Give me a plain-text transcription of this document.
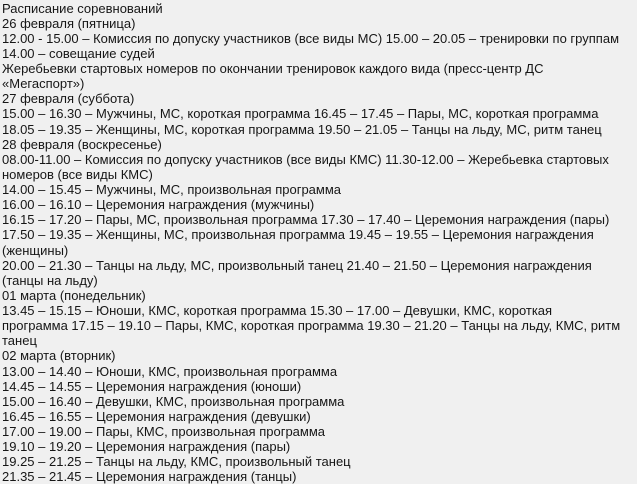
Расписание соревнований
26 февраля (пятница)
12.00 - 15.00 – Комиссия по допуску участников (все виды МС) 15.00 – 20.05 – тренировки по группам
14.00 – совещание судей
Жеребьевки стартовых номеров по окончании тренировок каждого вида (пресс-центр ДС
«Мегаспорт»)
27 февраля (суббота)
15.00 – 16.30 – Мужчины, МС, короткая программа 16.45 – 17.45 – Пары, МС, короткая программа
18.05 – 19.35 – Женщины, МС, короткая программа 19.50 – 21.05 – Танцы на льду, МС, ритм танец
28 февраля (воскресенье)
08.00-11.00 – Комиссия по допуску участников (все виды КМС) 11.30-12.00 – Жеребьевка стартовых
номеров (все виды КМС)
14.00 – 15.45 – Мужчины, МС, произвольная программа
16.00 – 16.10 – Церемония награждения (мужчины)
16.15 – 17.20 – Пары, МС, произвольная программа 17.30 – 17.40 – Церемония награждения (пары)
17.50 – 19.35 – Женщины, МС, произвольная программа 19.45 – 19.55 – Церемония награждения
(женщины)
20.00 – 21.30 – Танцы на льду, МС, произвольный танец 21.40 – 21.50 – Церемония награждения
(танцы на льду)
01 марта (понедельник)
13.45 – 15.15 – Юноши, КМС, короткая программа 15.30 – 17.00 – Девушки, КМС, короткая
программа 17.15 – 19.10 – Пары, КМС, короткая программа 19.30 – 21.20 – Танцы на льду, КМС, ритм
танец
02 марта (вторник)
13.00 – 14.40 – Юноши, КМС, произвольная программа
14.45 – 14.55 – Церемония награждения (юноши)
15.00 – 16.40 – Девушки, КМС, произвольная программа
16.45 – 16.55 – Церемония награждения (девушки)
17.00 – 19.00 – Пары, КМС, произвольная программа
19.10 – 19.20 – Церемония награждения (пары)
19.25 – 21.25 – Танцы на льду, КМС, произвольный танец
21.35 – 21.45 – Церемония награждения (танцы)
